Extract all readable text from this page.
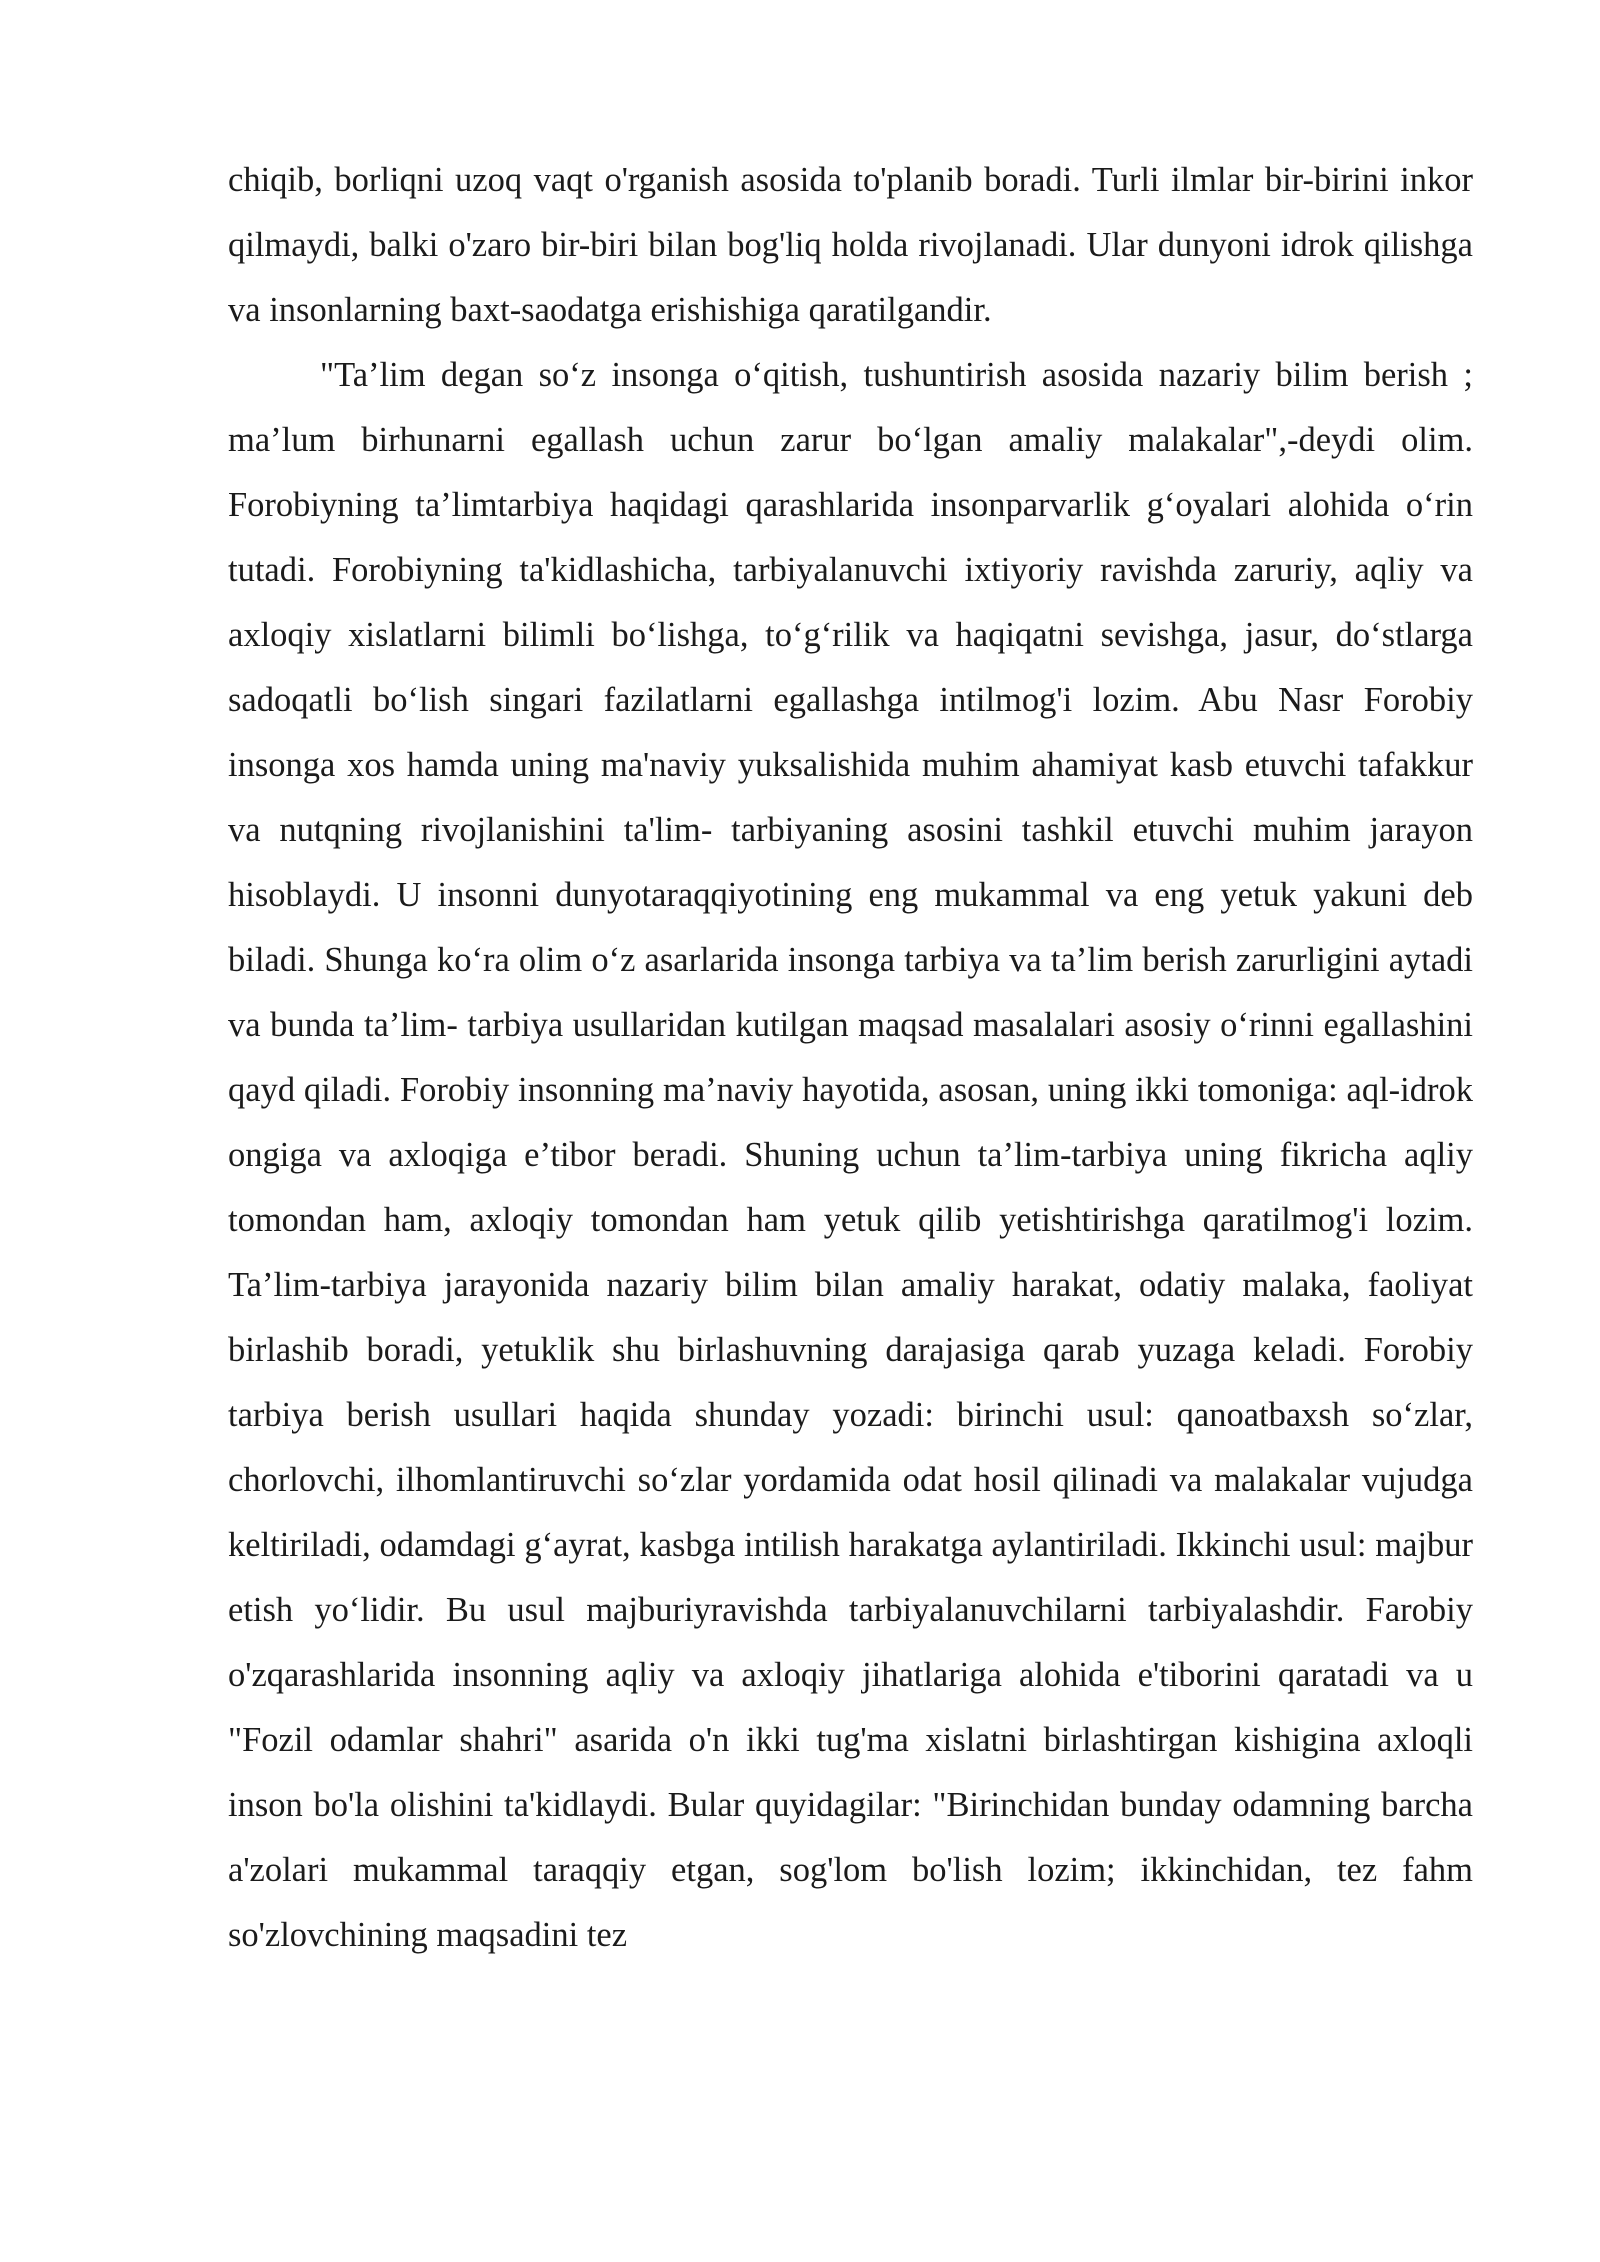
chiqib, borliqni uzoq vaqt o'rganish asosida to'planib boradi. Turli ilmlar bir-birini inkor qilmaydi, balki o'zaro bir-biri bilan bog'liq holda rivojlanadi. Ular dunyoni idrok qilishga va insonlarning baxt-saodatga erishishiga qaratilgandir.

"Ta’lim degan so‘z insonga o‘qitish, tushuntirish asosida nazariy bilim berish ; ma’lum birhunarni egallash uchun zarur bo‘lgan amaliy malakalar",-deydi olim. Forobiyning ta’limtarbiya haqidagi qarashlarida insonparvarlik g‘oyalari alohida o‘rin tutadi. Forobiyning ta'kidlashicha, tarbiyalanuvchi ixtiyoriy ravishda zaruriy, aqliy va axloqiy xislatlarni bilimli bo‘lishga, to‘g‘rilik va haqiqatni sevishga, jasur, do‘stlarga sadoqatli bo‘lish singari fazilatlarni egallashga intilmog'i lozim. Abu Nasr Forobiy insonga xos hamda uning ma'naviy yuksalishida muhim ahamiyat kasb etuvchi tafakkur va nutqning rivojlanishini ta'lim- tarbiyaning asosini tashkil etuvchi muhim jarayon hisoblaydi. U insonni dunyotaraqqiyotining eng mukammal va eng yetuk yakuni deb biladi. Shunga ko‘ra olim o‘z asarlarida insonga tarbiya va ta’lim berish zarurligini aytadi va bunda ta’lim- tarbiya usullaridan kutilgan maqsad masalalari asosiy o‘rinni egallashini qayd qiladi. Forobiy insonning ma’naviy hayotida, asosan, uning ikki tomoniga: aql-idrok ongiga va axloqiga e’tibor beradi. Shuning uchun ta’lim-tarbiya uning fikricha aqliy tomondan ham, axloqiy tomondan ham yetuk qilib yetishtirishga qaratilmog'i lozim. Ta’lim-tarbiya jarayonida nazariy bilim bilan amaliy harakat, odatiy malaka, faoliyat birlashib boradi, yetuklik shu birlashuvning darajasiga qarab yuzaga keladi. Forobiy tarbiya berish usullari haqida shunday yozadi: birinchi usul: qanoatbaxsh so‘zlar, chorlovchi, ilhomlantiruvchi so‘zlar yordamida odat hosil qilinadi va malakalar vujudga keltiriladi, odamdagi g‘ayrat, kasbga intilish harakatga aylantiriladi. Ikkinchi usul: majbur etish yo‘lidir. Bu usul majburiyravishda tarbiyalanuvchilarni tarbiyalashdir. Farobiy o'zqarashlarida insonning aqliy va axloqiy jihatlariga alohida e'tiborini qaratadi va u "Fozil odamlar shahri" asarida o'n ikki tug'ma xislatni birlashtirgan kishigina axloqli inson bo'la olishini ta'kidlaydi. Bular quyidagilar: "Birinchidan bunday odamning barcha a'zolari mukammal taraqqiy etgan, sog'lom bo'lish lozim; ikkinchidan, tez fahm so'zlovchining maqsadini tez
